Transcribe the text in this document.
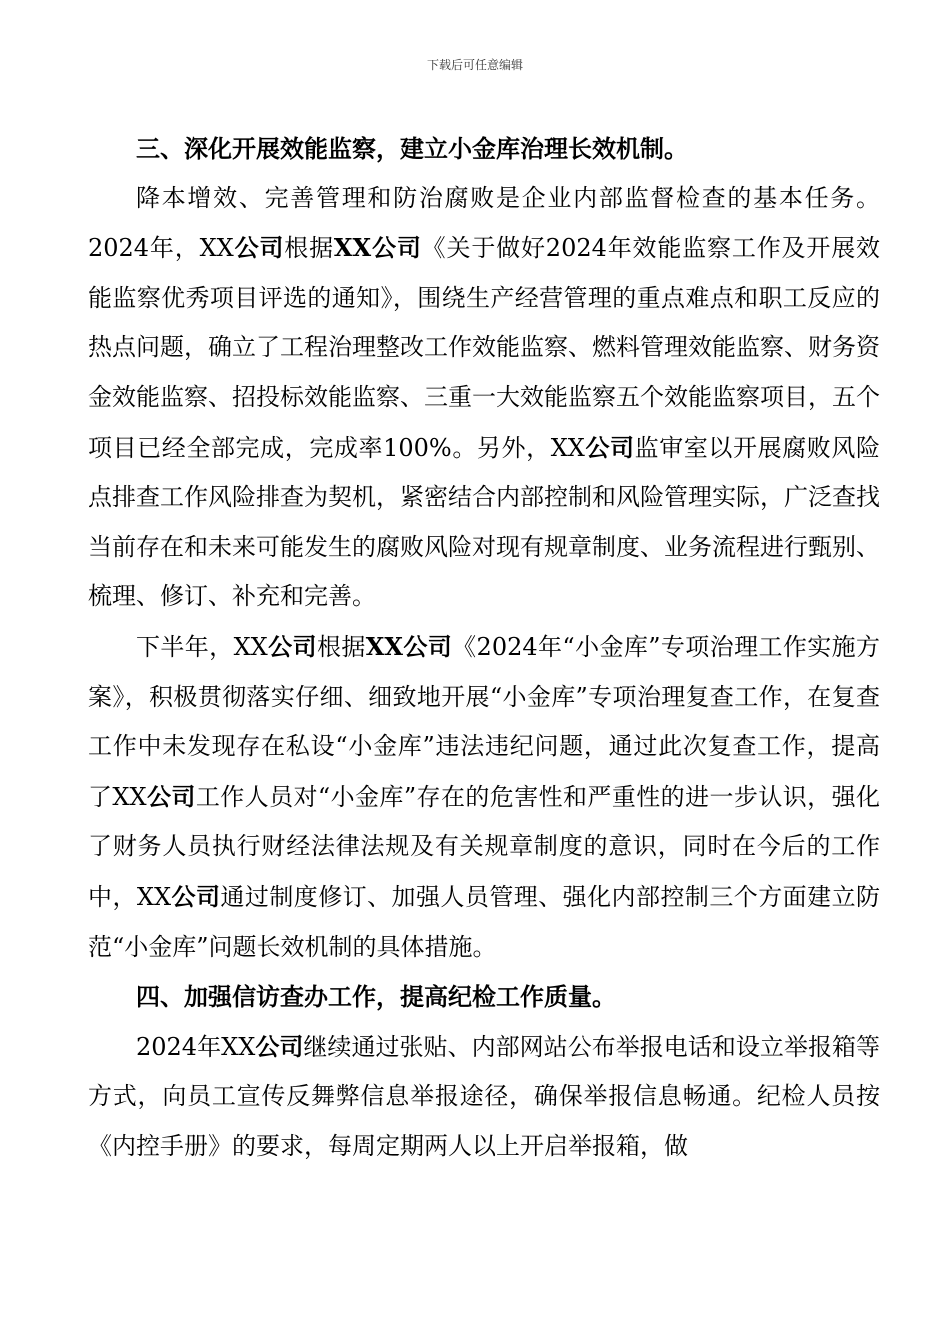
下载后可任意编辑

三、深化开展效能监察，建立小金库治理长效机制。

降本增效、完善管理和防治腐败是企业内部监督检查的基本任务。2024年，XX公司根据XX公司《关于做好2024年效能监察工作及开展效能监察优秀项目评选的通知》，围绕生产经营管理的重点难点和职工反应的热点问题，确立了工程治理整改工作效能监察、燃料管理效能监察、财务资金效能监察、招投标效能监察、三重一大效能监察五个效能监察项目，五个项目已经全部完成，完成率100%。另外，XX公司监审室以开展腐败风险点排查工作风险排查为契机，紧密结合内部控制和风险管理实际，广泛查找当前存在和未来可能发生的腐败风险对现有规章制度、业务流程进行甄别、梳理、修订、补充和完善。

下半年，XX公司根据XX公司《2024年“小金库”专项治理工作实施方案》，积极贯彻落实仔细、细致地开展“小金库”专项治理复查工作，在复查工作中未发现存在私设“小金库”违法违纪问题，通过此次复查工作，提高了XX公司工作人员对“小金库”存在的危害性和严重性的进一步认识，强化了财务人员执行财经法律法规及有关规章制度的意识，同时在今后的工作中，XX公司通过制度修订、加强人员管理、强化内部控制三个方面建立防范“小金库”问题长效机制的具体措施。

四、加强信访查办工作，提高纪检工作质量。

2024年XX公司继续通过张贴、内部网站公布举报电话和设立举报箱等方式，向员工宣传反舞弊信息举报途径，确保举报信息畅通。纪检人员按《内控手册》的要求，每周定期两人以上开启举报箱，做
